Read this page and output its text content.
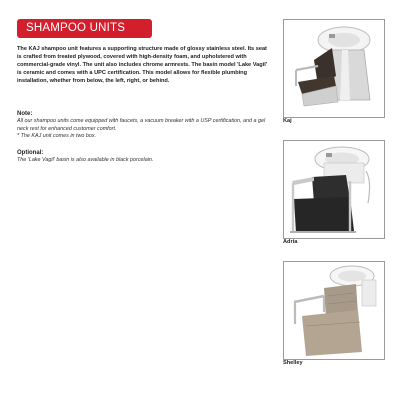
SHAMPOO UNITS
The KAJ shampoo unit features a supporting structure made of glossy stainless steel. Its seat is crafted from treated plywood, covered with high-density foam, and upholstered with commercial-grade vinyl. The unit also includes chrome armrests. The basin model 'Lake Vagil' is ceramic and comes with a UPC certification. This model allows for flexible plumbing installation, whether from below, the left, right, or behind.
Note:
All our shampoo units come equipped with faucets, a vacuum breaker with a USP certification, and a gel neck rest for enhanced customer comfort.
* The KAJ unit comes in two box.
Optional:
The 'Lake Vagil' basin is also available in black porcelain.
Kaj
Adria
Shelley
